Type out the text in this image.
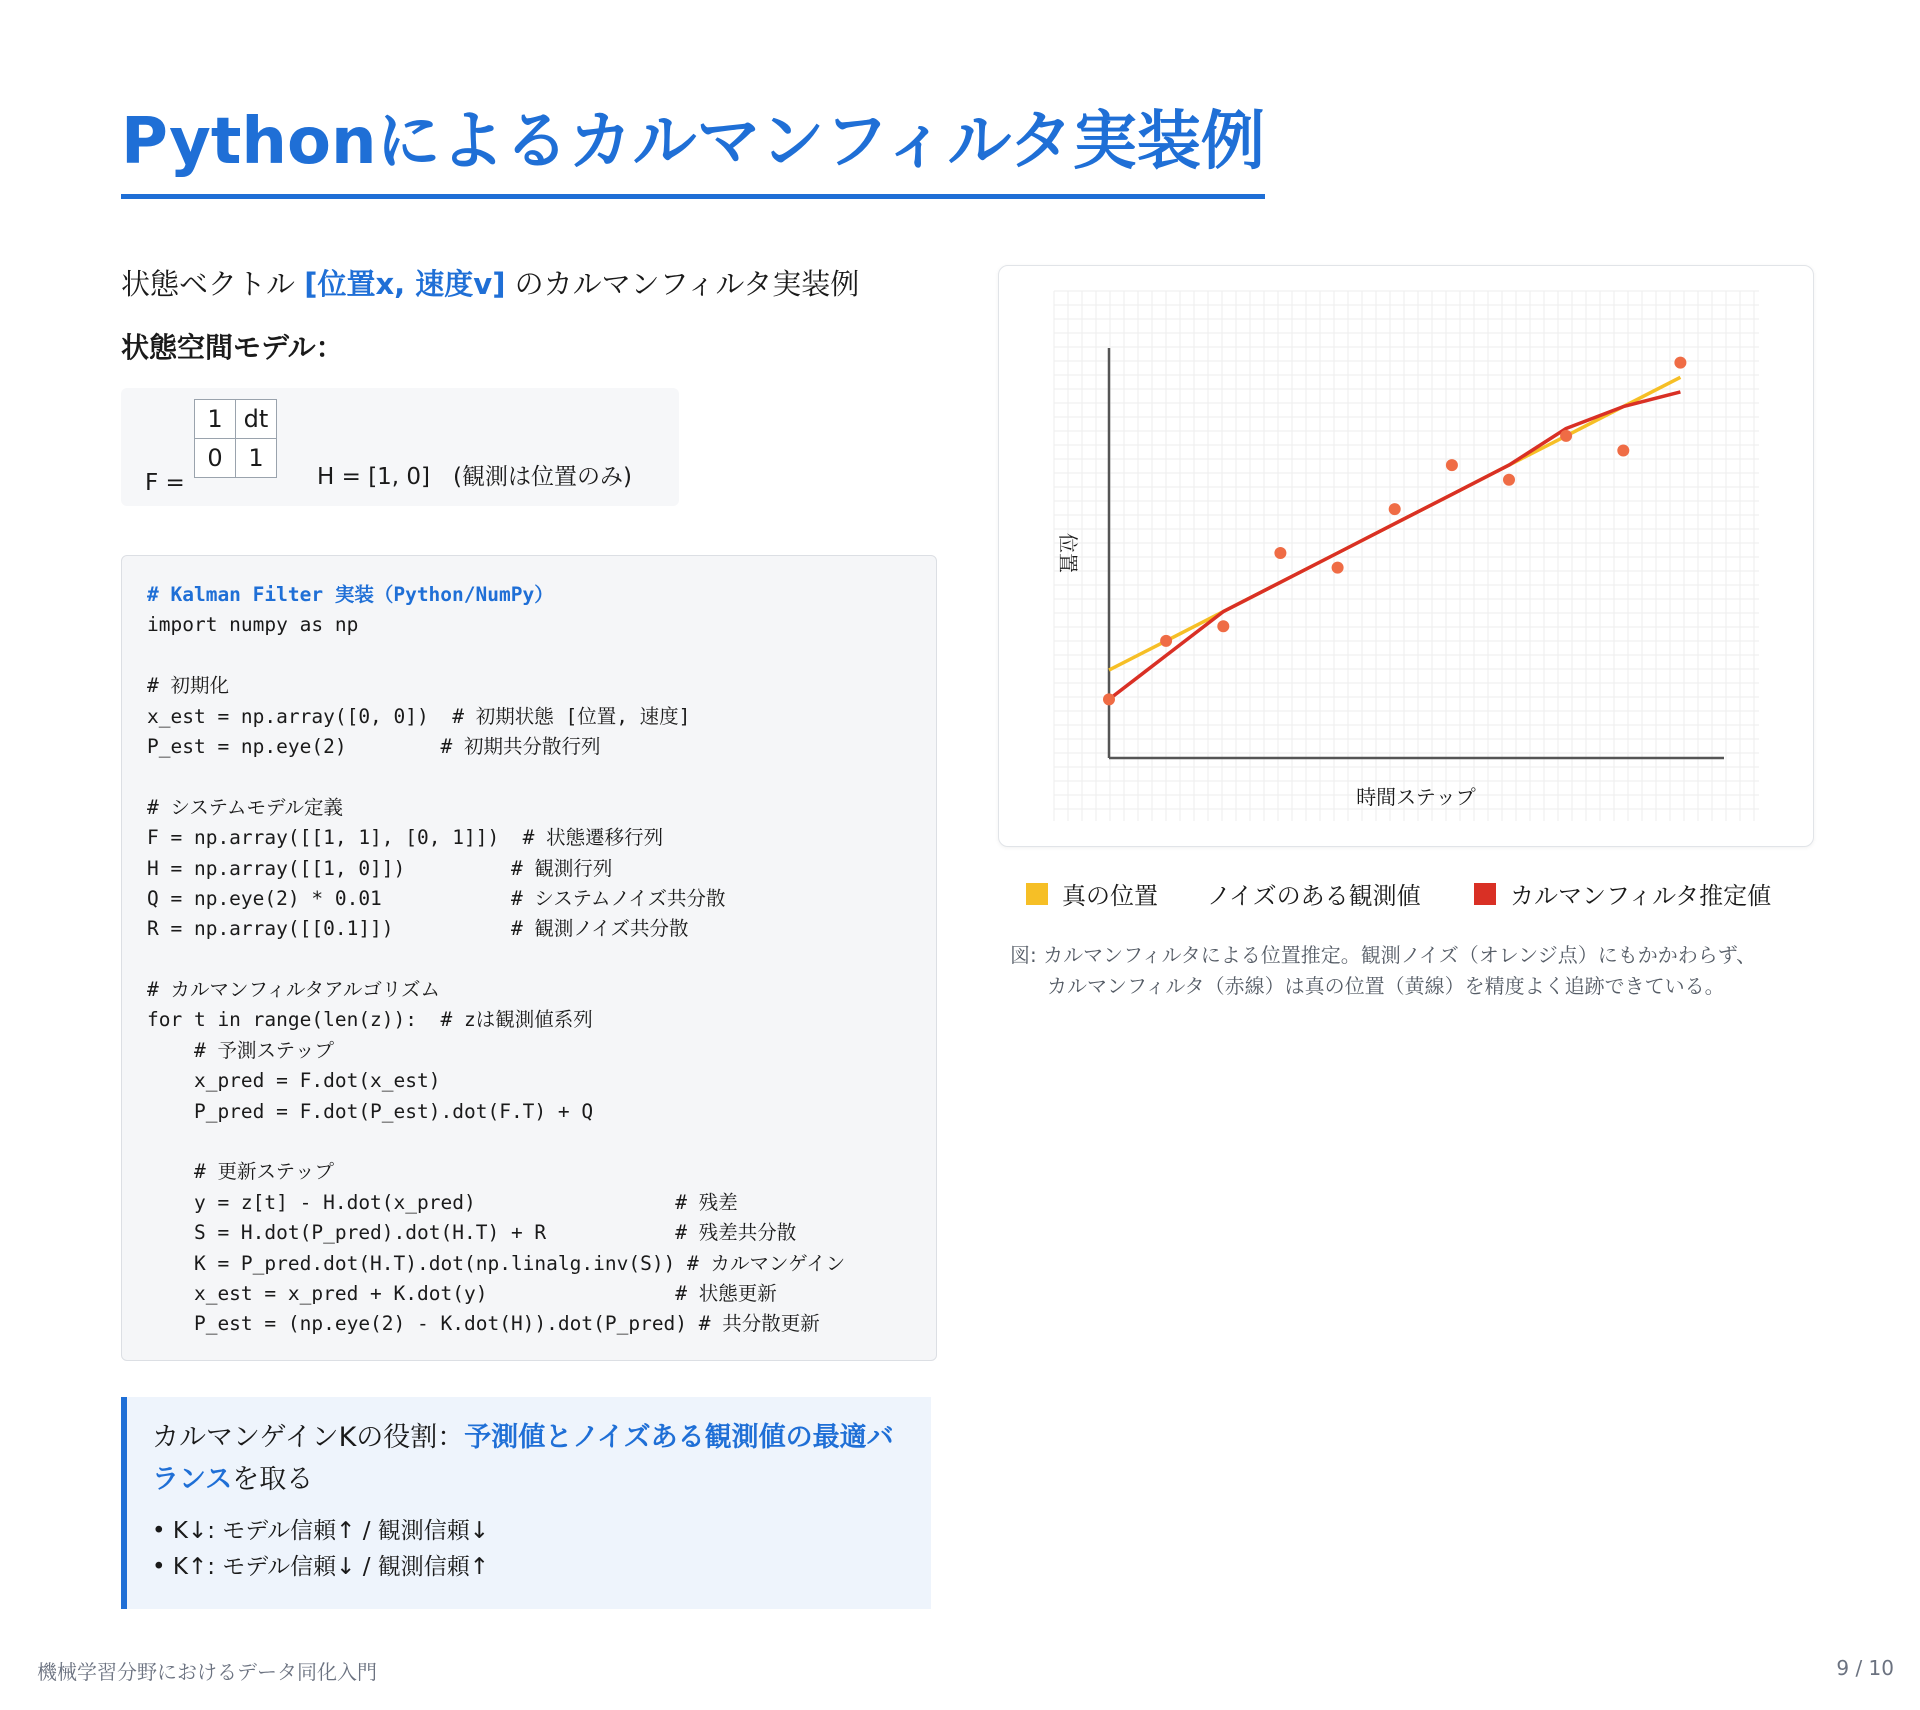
Pythonによるカルマンフィルタ実装例

状態ベクトル [位置x, 速度v] のカルマンフィルタ実装例

状態空間モデル：
F =
1	dt
0	1
H = [1, 0]　(観測は位置のみ)
# Kalman Filter 実装（Python/NumPy）
import numpy as np
# 初期化
x_est = np.array([0, 0])  # 初期状態 [位置, 速度]
P_est = np.eye(2)        # 初期共分散行列
# システムモデル定義
F = np.array([[1, 1], [0, 1]])  # 状態遷移行列
H = np.array([[1, 0]])         # 観測行列
Q = np.eye(2) * 0.01           # システムノイズ共分散
R = np.array([[0.1]])          # 観測ノイズ共分散
# カルマンフィルタアルゴリズム
for t in range(len(z)):  # zは観測値系列
# 予測ステップ
x_pred = F.dot(x_est)
P_pred = F.dot(P_est).dot(F.T) + Q
# 更新ステップ
y = z[t] - H.dot(x_pred)                 # 残差
S = H.dot(P_pred).dot(H.T) + R           # 残差共分散
K = P_pred.dot(H.T).dot(np.linalg.inv(S)) # カルマンゲイン
x_est = x_pred + K.dot(y)                # 状態更新
P_est = (np.eye(2) - K.dot(H)).dot(P_pred) # 共分散更新
カルマンゲインKの役割：予測値とノイズある観測値の最適バランスを取る
• K↓: モデル信頼↑ / 観測信頼↓
• K↑: モデル信頼↓ / 観測信頼↑
時間ステップ
位置
真の位置 ノイズのある観測値	カルマンフィルタ推定値
図: カルマンフィルタによる位置推定。観測ノイズ（オレンジ点）にもかかわらず、
カルマンフィルタ（赤線）は真の位置（黄線）を精度よく追跡できている。
機械学習分野におけるデータ同化入門	9 / 10
